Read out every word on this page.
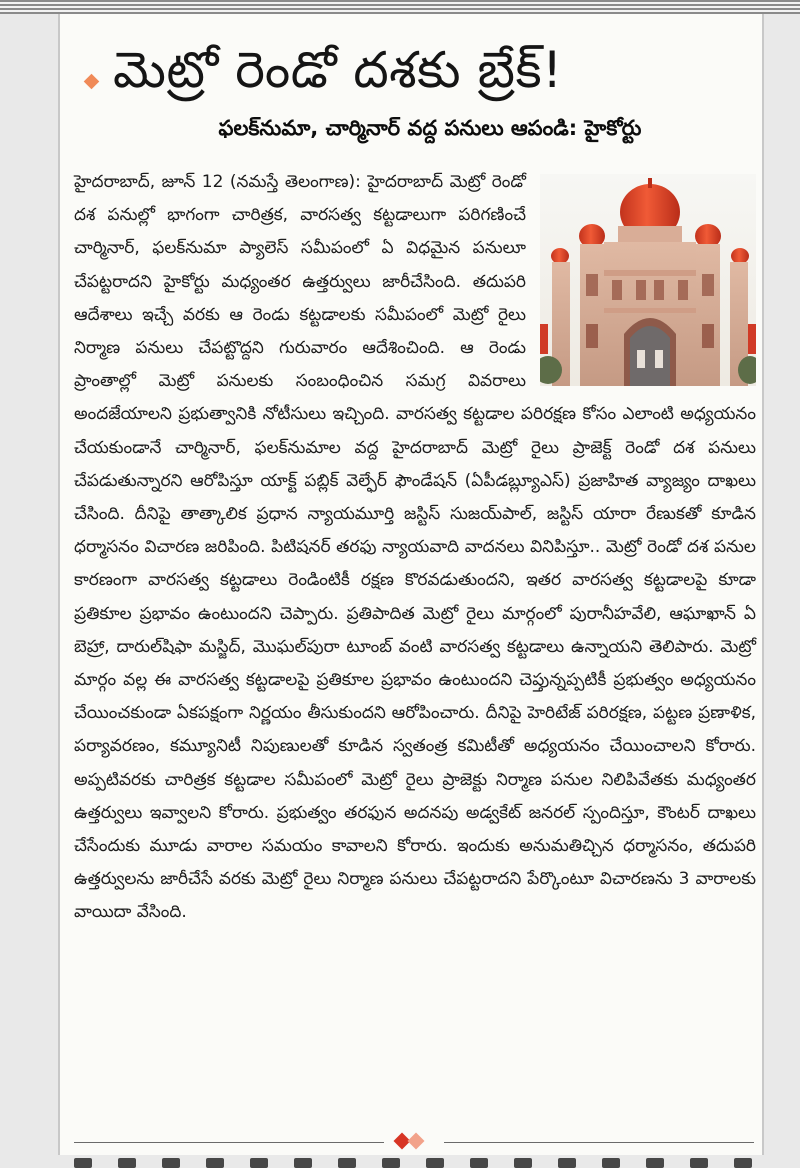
మెట్రో రెండో దశకు బ్రేక్!
ఫలక్‌నుమా, చార్మినార్ వద్ద పనులు ఆపండి: హైకోర్టు
హైదరాబాద్, జూన్ 12 (నమస్తే తెలంగాణ): హైదరాబాద్ మెట్రో రెండో దశ పనుల్లో భాగంగా చారిత్రక, వారసత్వ కట్టడాలుగా పరిగణించే చార్మినార్, ఫలక్‌నుమా ప్యాలెస్ సమీపంలో ఏ విధమైన పనులూ చేపట్టరాదని హైకోర్టు మధ్యంతర ఉత్తర్వులు జారీచేసింది. తదుపరి ఆదేశాలు ఇచ్చే వరకు ఆ రెండు కట్టడాలకు సమీపంలో మెట్రో రైలు నిర్మాణ పనులు చేపట్టొద్దని గురువారం ఆదేశించింది. ఆ రెండు ప్రాంతాల్లో మెట్రో పనులకు సంబంధించిన సమగ్ర వివరాలు అందజేయాలని ప్రభుత్వానికి నోటీసులు ఇచ్చింది. వారసత్వ కట్టడాల పరిరక్షణ కోసం ఎలాంటి అధ్యయనం చేయకుండానే చార్మినార్, ఫలక్‌నుమాల వద్ద హైదరాబాద్ మెట్రో రైలు ప్రాజెక్ట్ రెండో దశ పనులు చేపడుతున్నారని ఆరోపిస్తూ యాక్ట్ పబ్లిక్ వెల్ఫేర్ ఫౌండేషన్ (ఏపీడబ్ల్యూఎస్) ప్రజాహిత వ్యాజ్యం దాఖలు చేసింది. దీనిపై తాత్కాలిక ప్రధాన న్యాయమూర్తి జస్టిస్ సుజయ్‌పాల్, జస్టిస్ యారా రేణుకతో కూడిన ధర్మాసనం విచారణ జరిపింది. పిటిషనర్ తరఫు న్యాయవాది వాదనలు వినిపిస్తూ.. మెట్రో రెండో దశ పనుల కారణంగా వారసత్వ కట్టడాలు రెండింటికీ రక్షణ కొరవడుతుందని, ఇతర వారసత్వ కట్టడాలపై కూడా ప్రతికూల ప్రభావం ఉంటుందని చెప్పారు. ప్రతిపాదిత మెట్రో రైలు మార్గంలో పురానీహవేలి, ఆఘాఖాన్ ఏ బెహ్రా, దారుల్‌షిఫా మస్జిద్, మొఘల్‌పురా టూంబ్ వంటి వారసత్వ కట్టడాలు ఉన్నాయని తెలిపారు. మెట్రో మార్గం వల్ల ఈ వారసత్వ కట్టడాలపై ప్రతికూల ప్రభావం ఉంటుందని చెప్తున్నప్పటికీ ప్రభుత్వం అధ్యయనం చేయించకుండా ఏకపక్షంగా నిర్ణయం తీసుకుందని ఆరోపించారు. దీనిపై హెరిటేజ్ పరిరక్షణ, పట్టణ ప్రణాళిక, పర్యావరణం, కమ్యూనిటీ నిపుణులతో కూడిన స్వతంత్ర కమిటీతో అధ్యయనం చేయించాలని కోరారు. అప్పటివరకు చారిత్రక కట్టడాల సమీపంలో మెట్రో రైలు ప్రాజెక్టు నిర్మాణ పనుల నిలిపివేతకు మధ్యంతర ఉత్తర్వులు ఇవ్వాలని కోరారు. ప్రభుత్వం తరఫున అదనపు అడ్వకేట్ జనరల్ స్పందిస్తూ, కౌంటర్ దాఖలు చేసేందుకు మూడు వారాల సమయం కావాలని కోరారు. ఇందుకు అనుమతిచ్చిన ధర్మాసనం, తదుపరి ఉత్తర్వులను జారీచేసే వరకు మెట్రో రైలు నిర్మాణ పనులు చేపట్టరాదని పేర్కొంటూ విచారణను 3 వారాలకు వాయిదా వేసింది.
